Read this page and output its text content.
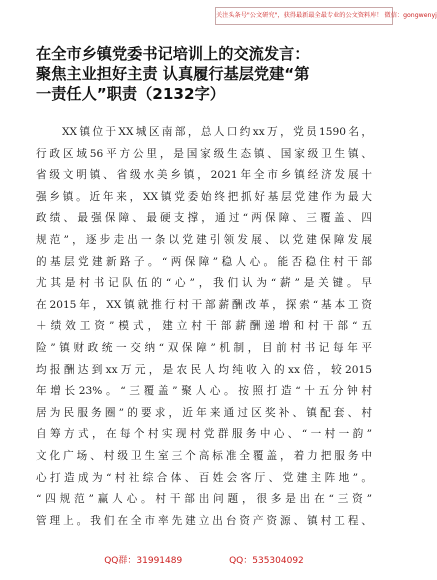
关注头条号"公文研究"，获得最新最全最专业的公文资料库！ 微信：gongwenyj
在全市乡镇党委书记培训上的交流发言：
聚焦主业担好主责 认真履行基层党建“第
一责任人”职责（2132字）
　　XX镇位于XX城区南部，总人口约xx万，党员1590名，
行政区域56平方公里，是国家级生态镇、国家级卫生镇、
省级文明镇、省级水美乡镇，2021年全市乡镇经济发展十
强乡镇。近年来，XX镇党委始终把抓好基层党建作为最大
政绩、最强保障、最硬支撑，通过“两保障、三覆盖、四
规范”，逐步走出一条以党建引领发展、以党建保障发展
的基层党建新路子。“两保障”稳人心。能否稳住村干部
尤其是村书记队伍的“心”，我们认为“薪”是关键。早
在2015年，XX镇就推行村干部薪酬改革，探索“基本工资
＋绩效工资”模式，建立村干部薪酬递增和村干部“五
险”镇财政统一交纳“双保障”机制，目前村书记每年平
均报酬达到xx万元，是农民人均纯收入的xx倍，较2015
年增长23%。“三覆盖”聚人心。按照打造“十五分钟村
居为民服务圈”的要求，近年来通过区奖补、镇配套、村
自筹方式，在每个村实现村党群服务中心、“一村一韵”
文化广场、村级卫生室三个高标准全覆盖，着力把服务中
心打造成为“村社综合体、百姓会客厅、党建主阵地”。
“四规范”赢人心。村干部出问题，很多是出在“三资”
管理上。我们在全市率先建立出台资产资源、镇村工程、
QQ群：31991489	QQ：535304092
